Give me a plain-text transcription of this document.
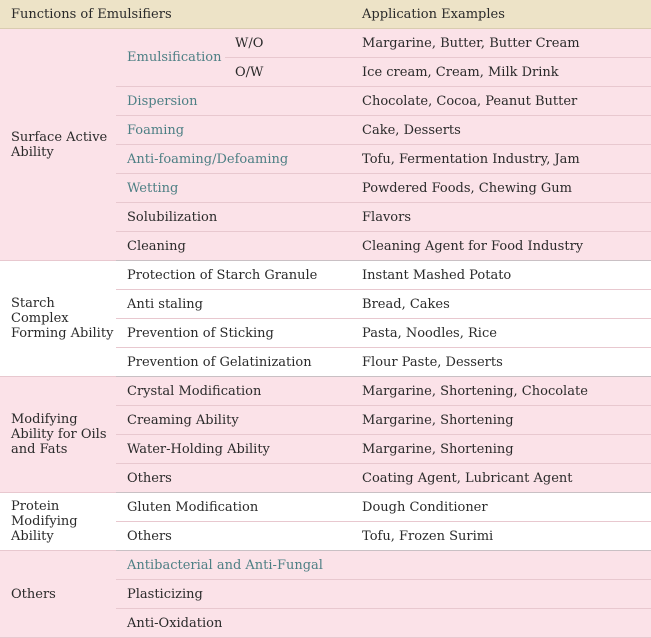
Functions of Emulsifiers			Application Examples
Surface Active Ability	Emulsification	W/O	Margarine, Butter, Butter Cream
		O/W	Ice cream, Cream, Milk Drink
	Dispersion		Chocolate, Cocoa, Peanut Butter
	Foaming		Cake, Desserts
	Anti-foaming/Defoaming		Tofu, Fermentation Industry, Jam
	Wetting		Powdered Foods, Chewing Gum
	Solubilization		Flavors
	Cleaning		Cleaning Agent for Food Industry
Starch Complex Forming Ability	Protection of Starch Granule		Instant Mashed Potato
	Anti staling		Bread, Cakes
	Prevention of Sticking		Pasta, Noodles, Rice
	Prevention of Gelatinization		Flour Paste, Desserts
Modifying Ability for Oils and Fats	Crystal Modification		Margarine, Shortening, Chocolate
	Creaming Ability		Margarine, Shortening
	Water-Holding Ability		Margarine, Shortening
	Others		Coating Agent, Lubricant Agent
Protein Modifying Ability	Gluten Modification		Dough Conditioner
	Others		Tofu, Frozen Surimi
Others	Antibacterial and Anti-Fungal		
	Plasticizing		
	Anti-Oxidation		
